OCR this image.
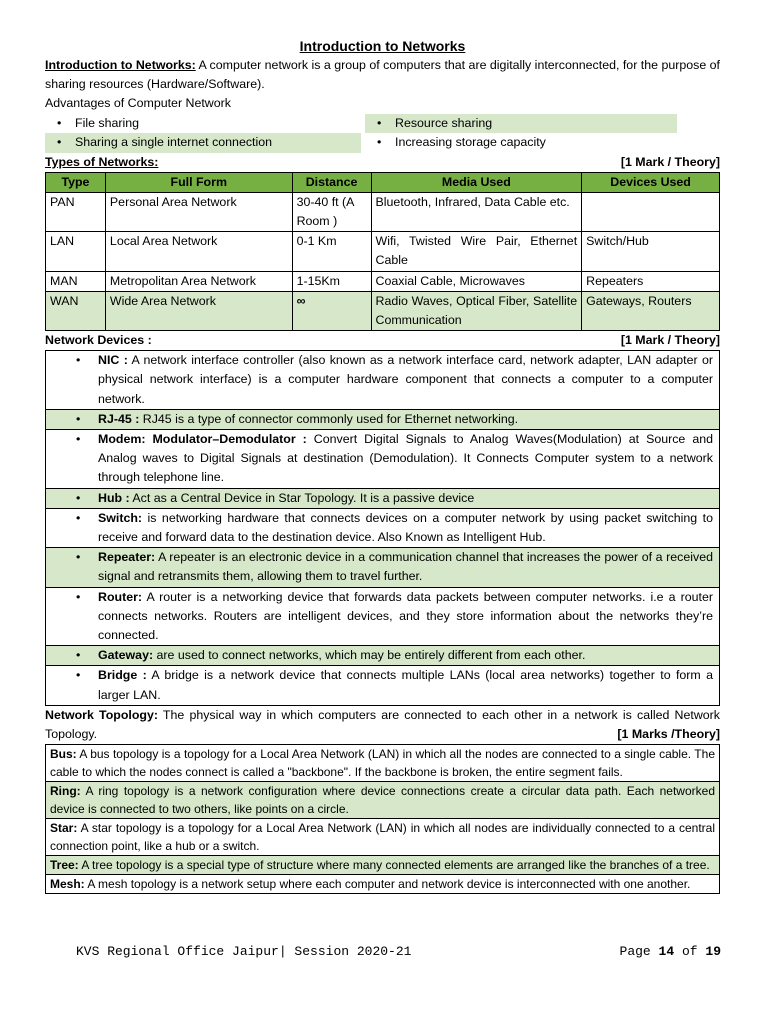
Introduction to Networks

Introduction to Networks: A computer network is a group of computers that are digitally interconnected, for the purpose of sharing resources (Hardware/Software).

Advantages of Computer Network

• File sharing	• Resource sharing
• Sharing a single internet connection	• Increasing storage capacity
Types of Networks:	[1 Mark / Theory]
Type	Full Form	Distance	Media Used	Devices Used
PAN	Personal Area Network	30-40 ft (A Room )	Bluetooth, Infrared, Data Cable etc.	
LAN	Local Area Network	0-1 Km	Wifi, Twisted Wire Pair, Ethernet Cable	Switch/Hub
MAN	Metropolitan Area Network	1-15Km	Coaxial Cable, Microwaves	Repeaters
WAN	Wide Area Network	∞	Radio Waves, Optical Fiber, Satellite Communication	Gateways, Routers
Network Devices :	[1 Mark / Theory]
• NIC : A network interface controller (also known as a network interface card, network adapter, LAN adapter or physical network interface) is a computer hardware component that connects a computer to a computer network.
• RJ-45 : RJ45 is a type of connector commonly used for Ethernet networking.
• Modem: Modulator–Demodulator : Convert Digital Signals to Analog Waves(Modulation) at Source and Analog waves to Digital Signals at destination (Demodulation). It Connects Computer system to a network through telephone line.
• Hub : Act as a Central Device in Star Topology. It is a passive device
• Switch: is networking hardware that connects devices on a computer network by using packet switching to receive and forward data to the destination device. Also Known as Intelligent Hub.
• Repeater: A repeater is an electronic device in a communication channel that increases the power of a received signal and retransmits them, allowing them to travel further.
• Router: A router is a networking device that forwards data packets between computer networks. i.e a router connects networks. Routers are intelligent devices, and they store information about the networks they’re connected.
• Gateway: are used to connect networks, which may be entirely different from each other.
• Bridge : A bridge is a network device that connects multiple LANs (local area networks) together to form a larger LAN.

Network Topology: The physical way in which computers are connected to each other in a network is called Network Topology.	[1 Marks /Theory]

Bus: A bus topology is a topology for a Local Area Network (LAN) in which all the nodes are connected to a single cable. The cable to which the nodes connect is called a "backbone". If the backbone is broken, the entire segment fails.
Ring: A ring topology is a network configuration where device connections create a circular data path. Each networked device is connected to two others, like points on a circle.
Star: A star topology is a topology for a Local Area Network (LAN) in which all nodes are individually connected to a central connection point, like a hub or a switch.
Tree: A tree topology is a special type of structure where many connected elements are arranged like the branches of a tree.
Mesh: A mesh topology is a network setup where each computer and network device is interconnected with one another.
KVS Regional Office Jaipur| Session 2020-21	Page 14 of 19
